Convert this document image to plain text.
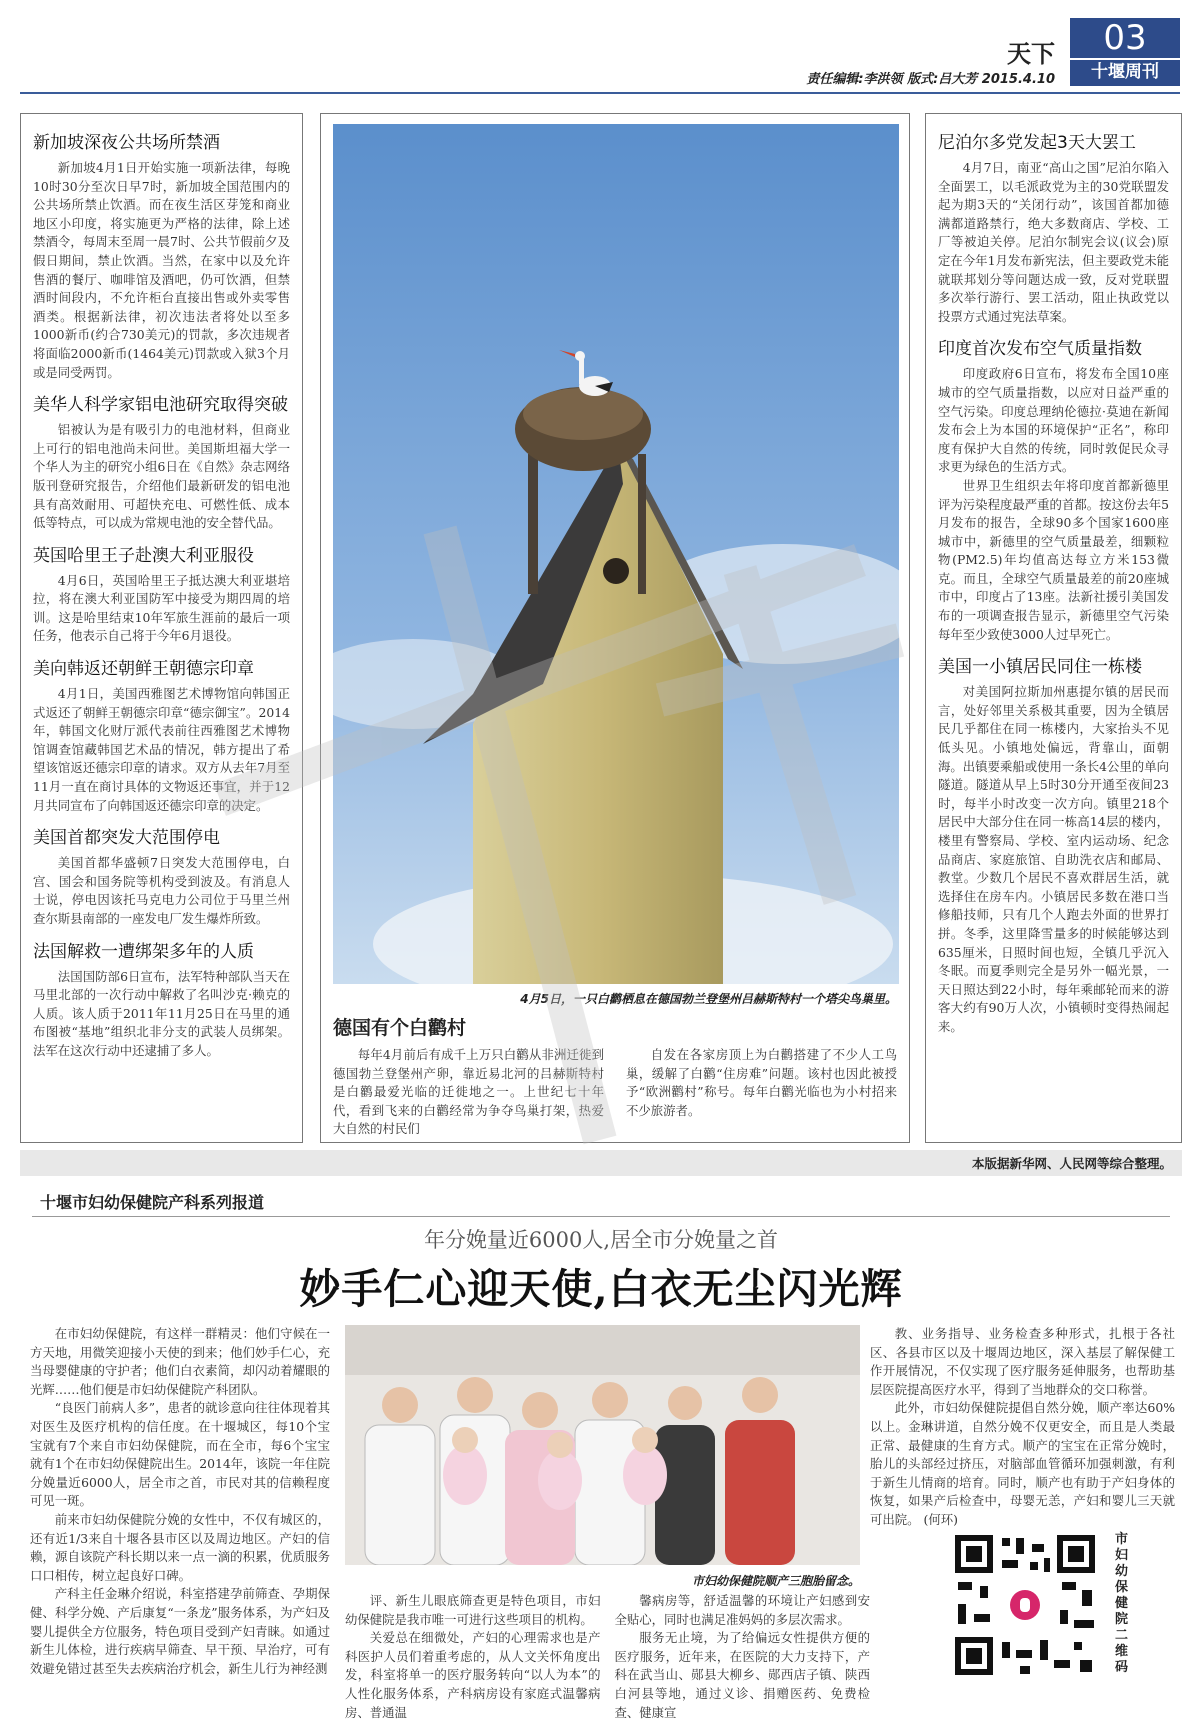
天下
责任编辑:李洪领 版式:吕大芳 2015.4.10
03
十堰周刊
新加坡深夜公共场所禁酒

新加坡4月1日开始实施一项新法律，每晚10时30分至次日早7时，新加坡全国范围内的公共场所禁止饮酒。而在夜生活区芽笼和商业地区小印度，将实施更为严格的法律，除上述禁酒令，每周末至周一晨7时、公共节假前夕及假日期间，禁止饮酒。当然，在家中以及允许售酒的餐厅、咖啡馆及酒吧，仍可饮酒，但禁酒时间段内，不允许柜台直接出售或外卖零售酒类。根据新法律，初次违法者将处以至多1000新币(约合730美元)的罚款，多次违规者将面临2000新币(1464美元)罚款或入狱3个月或是同受两罚。

美华人科学家铝电池研究取得突破

铝被认为是有吸引力的电池材料，但商业上可行的铝电池尚未问世。美国斯坦福大学一个华人为主的研究小组6日在《自然》杂志网络版刊登研究报告，介绍他们最新研发的铝电池具有高效耐用、可超快充电、可燃性低、成本低等特点，可以成为常规电池的安全替代品。

英国哈里王子赴澳大利亚服役

4月6日，英国哈里王子抵达澳大利亚堪培拉，将在澳大利亚国防军中接受为期四周的培训。这是哈里结束10年军旅生涯前的最后一项任务，他表示自己将于今年6月退役。

美向韩返还朝鲜王朝德宗印章

4月1日，美国西雅图艺术博物馆向韩国正式返还了朝鲜王朝德宗印章“德宗御宝”。2014年，韩国文化财厅派代表前往西雅图艺术博物馆调查馆藏韩国艺术品的情况，韩方提出了希望该馆返还德宗印章的请求。双方从去年7月至11月一直在商讨具体的文物返还事宜，并于12月共同宣布了向韩国返还德宗印章的决定。

美国首都突发大范围停电

美国首都华盛顿7日突发大范围停电，白宫、国会和国务院等机构受到波及。有消息人士说，停电因该托马克电力公司位于马里兰州查尔斯县南部的一座发电厂发生爆炸所致。

法国解救一遭绑架多年的人质

法国国防部6日宣布，法军特种部队当天在马里北部的一次行动中解救了名叫沙克·赖克的人质。该人质于2011年11月25日在马里的通布图被“基地”组织北非分支的武装人员绑架。法军在这次行动中还逮捕了多人。

4月5日，一只白鹳栖息在德国勃兰登堡州吕赫斯特村一个塔尖鸟巢里。
德国有个白鹳村

每年4月前后有成千上万只白鹳从非洲迁徙到德国勃兰登堡州产卵，靠近易北河的吕赫斯特村是白鹳最爱光临的迁徙地之一。上世纪七十年代，看到飞来的白鹳经常为争夺鸟巢打架，热爱大自然的村民们

自发在各家房顶上为白鹳搭建了不少人工鸟巢，缓解了白鹳“住房难”问题。该村也因此被授予“欧洲鹳村”称号。每年白鹳光临也为小村招来不少旅游者。

尼泊尔多党发起3天大罢工

4月7日，南亚“高山之国”尼泊尔陷入全面罢工，以毛派政党为主的30党联盟发起为期3天的“关闭行动”，该国首都加德满都道路禁行，绝大多数商店、学校、工厂等被迫关停。尼泊尔制宪会议(议会)原定在今年1月发布新宪法，但主要政党未能就联邦划分等问题达成一致，反对党联盟多次举行游行、罢工活动，阻止执政党以投票方式通过宪法草案。

印度首次发布空气质量指数

印度政府6日宣布，将发布全国10座城市的空气质量指数，以应对日益严重的空气污染。印度总理纳伦德拉·莫迪在新闻发布会上为本国的环境保护“正名”，称印度有保护大自然的传统，同时敦促民众寻求更为绿色的生活方式。

世界卫生组织去年将印度首都新德里评为污染程度最严重的首都。按这份去年5月发布的报告，全球90多个国家1600座城市中，新德里的空气质量最差，细颗粒物(PM2.5)年均值高达每立方米153微克。而且，全球空气质量最差的前20座城市中，印度占了13座。法新社援引美国发布的一项调查报告显示，新德里空气污染每年至少致使3000人过早死亡。

美国一小镇居民同住一栋楼

对美国阿拉斯加州惠提尔镇的居民而言，处好邻里关系极其重要，因为全镇居民几乎都住在同一栋楼内，大家抬头不见低头见。小镇地处偏远，背靠山，面朝海。出镇要乘船或使用一条长4公里的单向隧道。隧道从早上5时30分开通至夜间23时，每半小时改变一次方向。镇里218个居民中大部分住在同一栋高14层的楼内，楼里有警察局、学校、室内运动场、纪念品商店、家庭旅馆、自助洗衣店和邮局、教堂。少数几个居民不喜欢群居生活，就选择住在房车内。小镇居民多数在港口当修船技师，只有几个人跑去外面的世界打拼。冬季，这里降雪量多的时候能够达到635厘米，日照时间也短，全镇几乎沉入冬眠。而夏季则完全是另外一幅光景，一天日照达到22小时，每年乘邮轮而来的游客大约有90万人次，小镇顿时变得热闹起来。

本版据新华网、人民网等综合整理。
十堰市妇幼保健院产科系列报道
年分娩量近6000人,居全市分娩量之首
妙手仁心迎天使,白衣无尘闪光辉

在市妇幼保健院，有这样一群精灵：他们守候在一方天地，用微笑迎接小天使的到来；他们妙手仁心，充当母婴健康的守护者；他们白衣素简，却闪动着耀眼的光辉……他们便是市妇幼保健院产科团队。

“良医门前病人多”，患者的就诊意向往往体现着其对医生及医疗机构的信任度。在十堰城区，每10个宝宝就有7个来自市妇幼保健院，而在全市，每6个宝宝就有1个在市妇幼保健院出生。2014年，该院一年住院分娩量近6000人，居全市之首，市民对其的信赖程度可见一斑。

前来市妇幼保健院分娩的女性中，不仅有城区的，还有近1/3来自十堰各县市区以及周边地区。产妇的信赖，源自该院产科长期以来一点一滴的积累，优质服务口口相传，树立起良好口碑。

产科主任金琳介绍说，科室搭建孕前筛查、孕期保健、科学分娩、产后康复“一条龙”服务体系，为产妇及婴儿提供全方位服务，特色项目受到产妇青睐。如通过新生儿体检，进行疾病早筛查、早干预、早治疗，可有效避免错过甚至失去疾病治疗机会，新生儿行为神经测

市妇幼保健院顺产三胞胎留念。

评、新生儿眼底筛查更是特色项目，市妇幼保健院是我市唯一可进行这些项目的机构。

关爱总在细微处，产妇的心理需求也是产科医护人员们着重考虑的，从人文关怀角度出发，科室将单一的医疗服务转向“以人为本”的人性化服务体系，产科病房设有家庭式温馨病房、普通温

馨病房等，舒适温馨的环境让产妇感到安全贴心，同时也满足准妈妈的多层次需求。

服务无止境，为了给偏远女性提供方便的医疗服务，近年来，在医院的大力支持下，产科在武当山、郧县大柳乡、郧西店子镇、陕西白河县等地，通过义诊、捐赠医药、免费检查、健康宣

教、业务指导、业务检查多种形式，扎根于各社区、各县市区以及十堰周边地区，深入基层了解保健工作开展情况，不仅实现了医疗服务延伸服务，也帮助基层医院提高医疗水平，得到了当地群众的交口称誉。

此外，市妇幼保健院提倡自然分娩，顺产率达60%以上。金琳讲道，自然分娩不仅更安全，而且是人类最正常、最健康的生育方式。顺产的宝宝在正常分娩时，胎儿的头部经过挤压，对脑部血管循环加强刺激，有利于新生儿情商的培育。同时，顺产也有助于产妇身体的恢复，如果产后检查中，母婴无恙，产妇和婴儿三天就可出院。 (何环)

市妇幼保健院二维码
